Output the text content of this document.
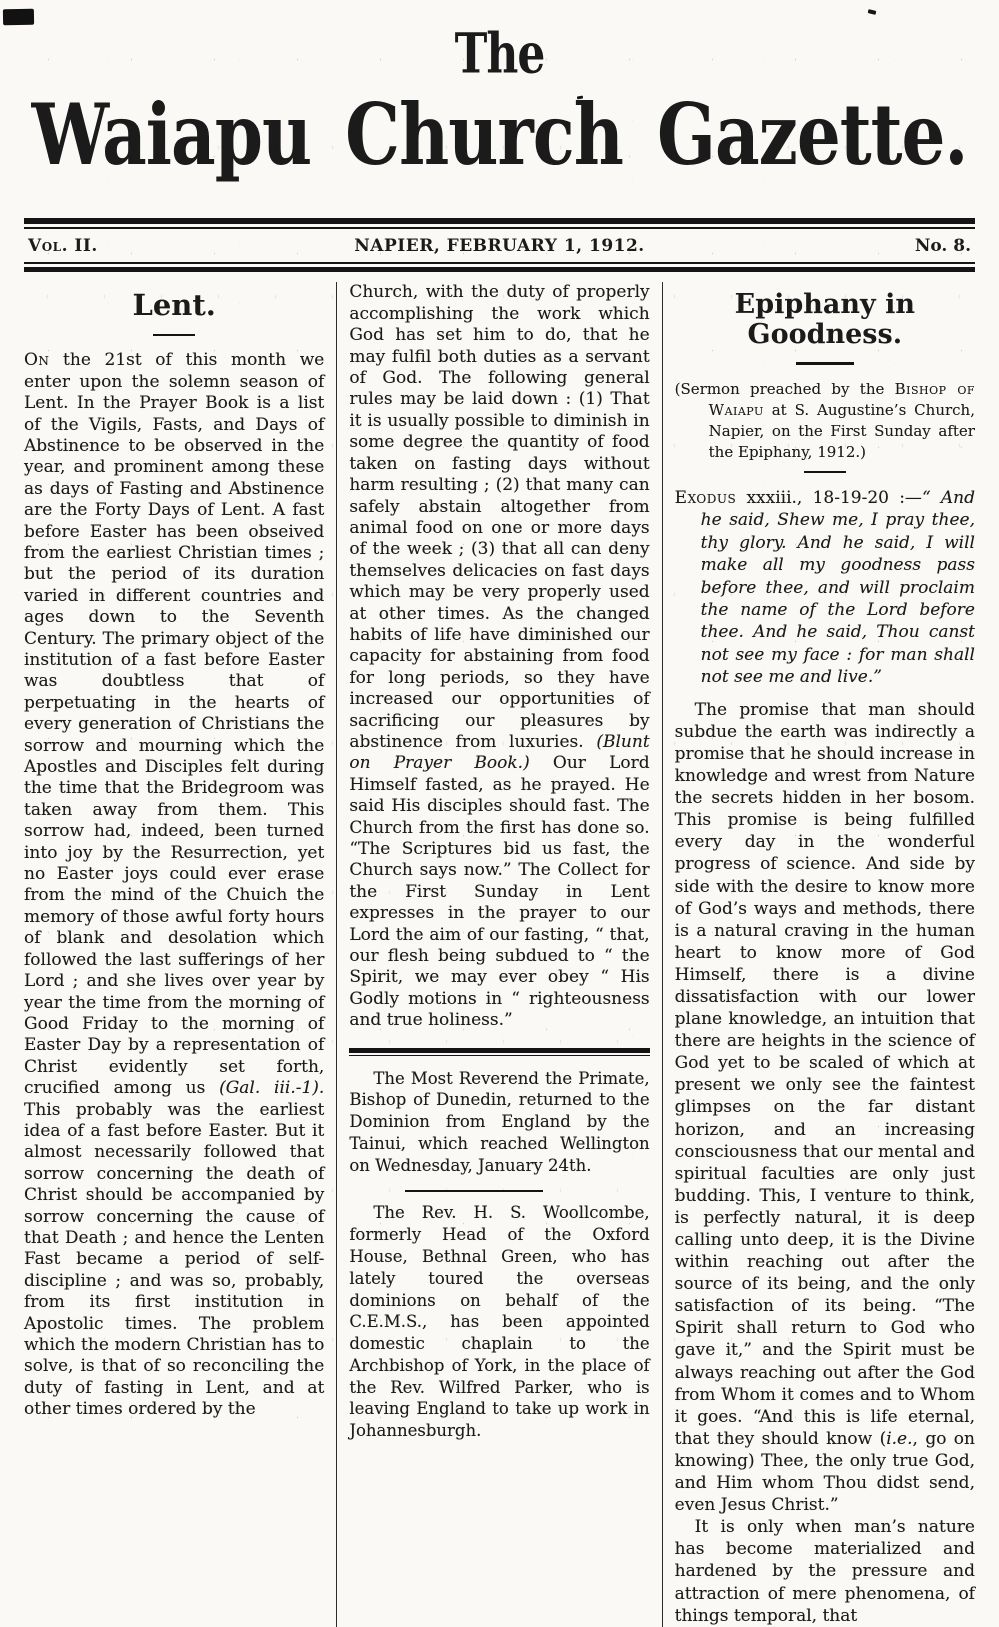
The
Waiapu Church Gazette.
Vol. II.	NAPIER, FEBRUARY 1, 1912.	No. 8.
Lent.

On the 21st of this month we enter upon the solemn season of Lent. In the Prayer Book is a list of the Vigils, Fasts, and Days of Abstinence to be observed in the year, and prominent among these as days of Fasting and Abstinence are the Forty Days of Lent. A fast before Easter has been obseived from the earliest Christian times ; but the period of its duration varied in different countries and ages down to the Seventh Century. The primary object of the institution of a fast before Easter was doubtless that of perpetuating in the hearts of every generation of Christians the sorrow and mourning which the Apostles and Disciples felt during the time that the Bridegroom was taken away from them. This sorrow had, indeed, been turned into joy by the Resurrection, yet no Easter joys could ever erase from the mind of the Chuich the memory of those awful forty hours of blank and desolation which followed the last sufferings of her Lord ; and she lives over year by year the time from the morning of Good Friday to the morning of Easter Day by a representation of Christ evidently set forth, crucified among us (Gal. iii.-1). This probably was the earliest idea of a fast before Easter. But it almost necessarily followed that sorrow concerning the death of Christ should be accompanied by sorrow concerning the cause of that Death ; and hence the Lenten Fast became a period of self-discipline ; and was so, probably, from its first institution in Apostolic times. The problem which the modern Christian has to solve, is that of so reconciling the duty of fasting in Lent, and at other times ordered by the

Church, with the duty of properly accomplishing the work which God has set him to do, that he may fulfil both duties as a servant of God. The following general rules may be laid down : (1) That it is usually possible to diminish in some degree the quantity of food taken on fasting days without harm resulting ; (2) that many can safely abstain altogether from animal food on one or more days of the week ; (3) that all can deny themselves delicacies on fast days which may be very properly used at other times. As the changed habits of life have diminished our capacity for abstaining from food for long periods, so they have increased our opportunities of sacrificing our pleasures by abstinence from luxuries. (Blunt on Prayer Book.) Our Lord Himself fasted, as he prayed. He said His disciples should fast. The Church from the first has done so. “The Scriptures bid us fast, the Church says now.” The Collect for the First Sunday in Lent expresses in the prayer to our Lord the aim of our fasting, “ that, our flesh being subdued to “ the Spirit, we may ever obey “ His Godly motions in “ righteousness and true holiness.”

The Most Reverend the Primate, Bishop of Dunedin, returned to the Dominion from England by the Tainui, which reached Wellington on Wednesday, January 24th.

The Rev. H. S. Woollcombe, formerly Head of the Oxford House, Bethnal Green, who has lately toured the overseas dominions on behalf of the C.E.M.S., has been appointed domestic chaplain to the Archbishop of York, in the place of the Rev. Wilfred Parker, who is leaving England to take up work in Johannesburgh.

Epiphany in Goodness.

(Sermon preached by the Bishop of Waiapu at S. Augustine’s Church, Napier, on the First Sunday after the Epiphany, 1912.)

Exodus xxxiii., 18-19-20 :—“ And he said, Shew me, I pray thee, thy glory. And he said, I will make all my goodness pass before thee, and will proclaim the name of the Lord before thee. And he said, Thou canst not see my face : for man shall not see me and live.”

The promise that man should subdue the earth was indirectly a promise that he should increase in knowledge and wrest from Nature the secrets hidden in her bosom. This promise is being fulfilled every day in the wonderful progress of science. And side by side with the desire to know more of God’s ways and methods, there is a natural craving in the human heart to know more of God Himself, there is a divine dissatisfaction with our lower plane knowledge, an intuition that there are heights in the science of God yet to be scaled of which at present we only see the faintest glimpses on the far distant horizon, and an increasing consciousness that our mental and spiritual faculties are only just budding. This, I venture to think, is perfectly natural, it is deep calling unto deep, it is the Divine within reaching out after the source of its being, and the only satisfaction of its being. “The Spirit shall return to God who gave it,” and the Spirit must be always reaching out after the God from Whom it comes and to Whom it goes. “And this is life eternal, that they should know (i.e., go on knowing) Thee, the only true God, and Him whom Thou didst send, even Jesus Christ.”

It is only when man’s nature has become materialized and hardened by the pressure and attraction of mere phenomena, of things temporal, that
